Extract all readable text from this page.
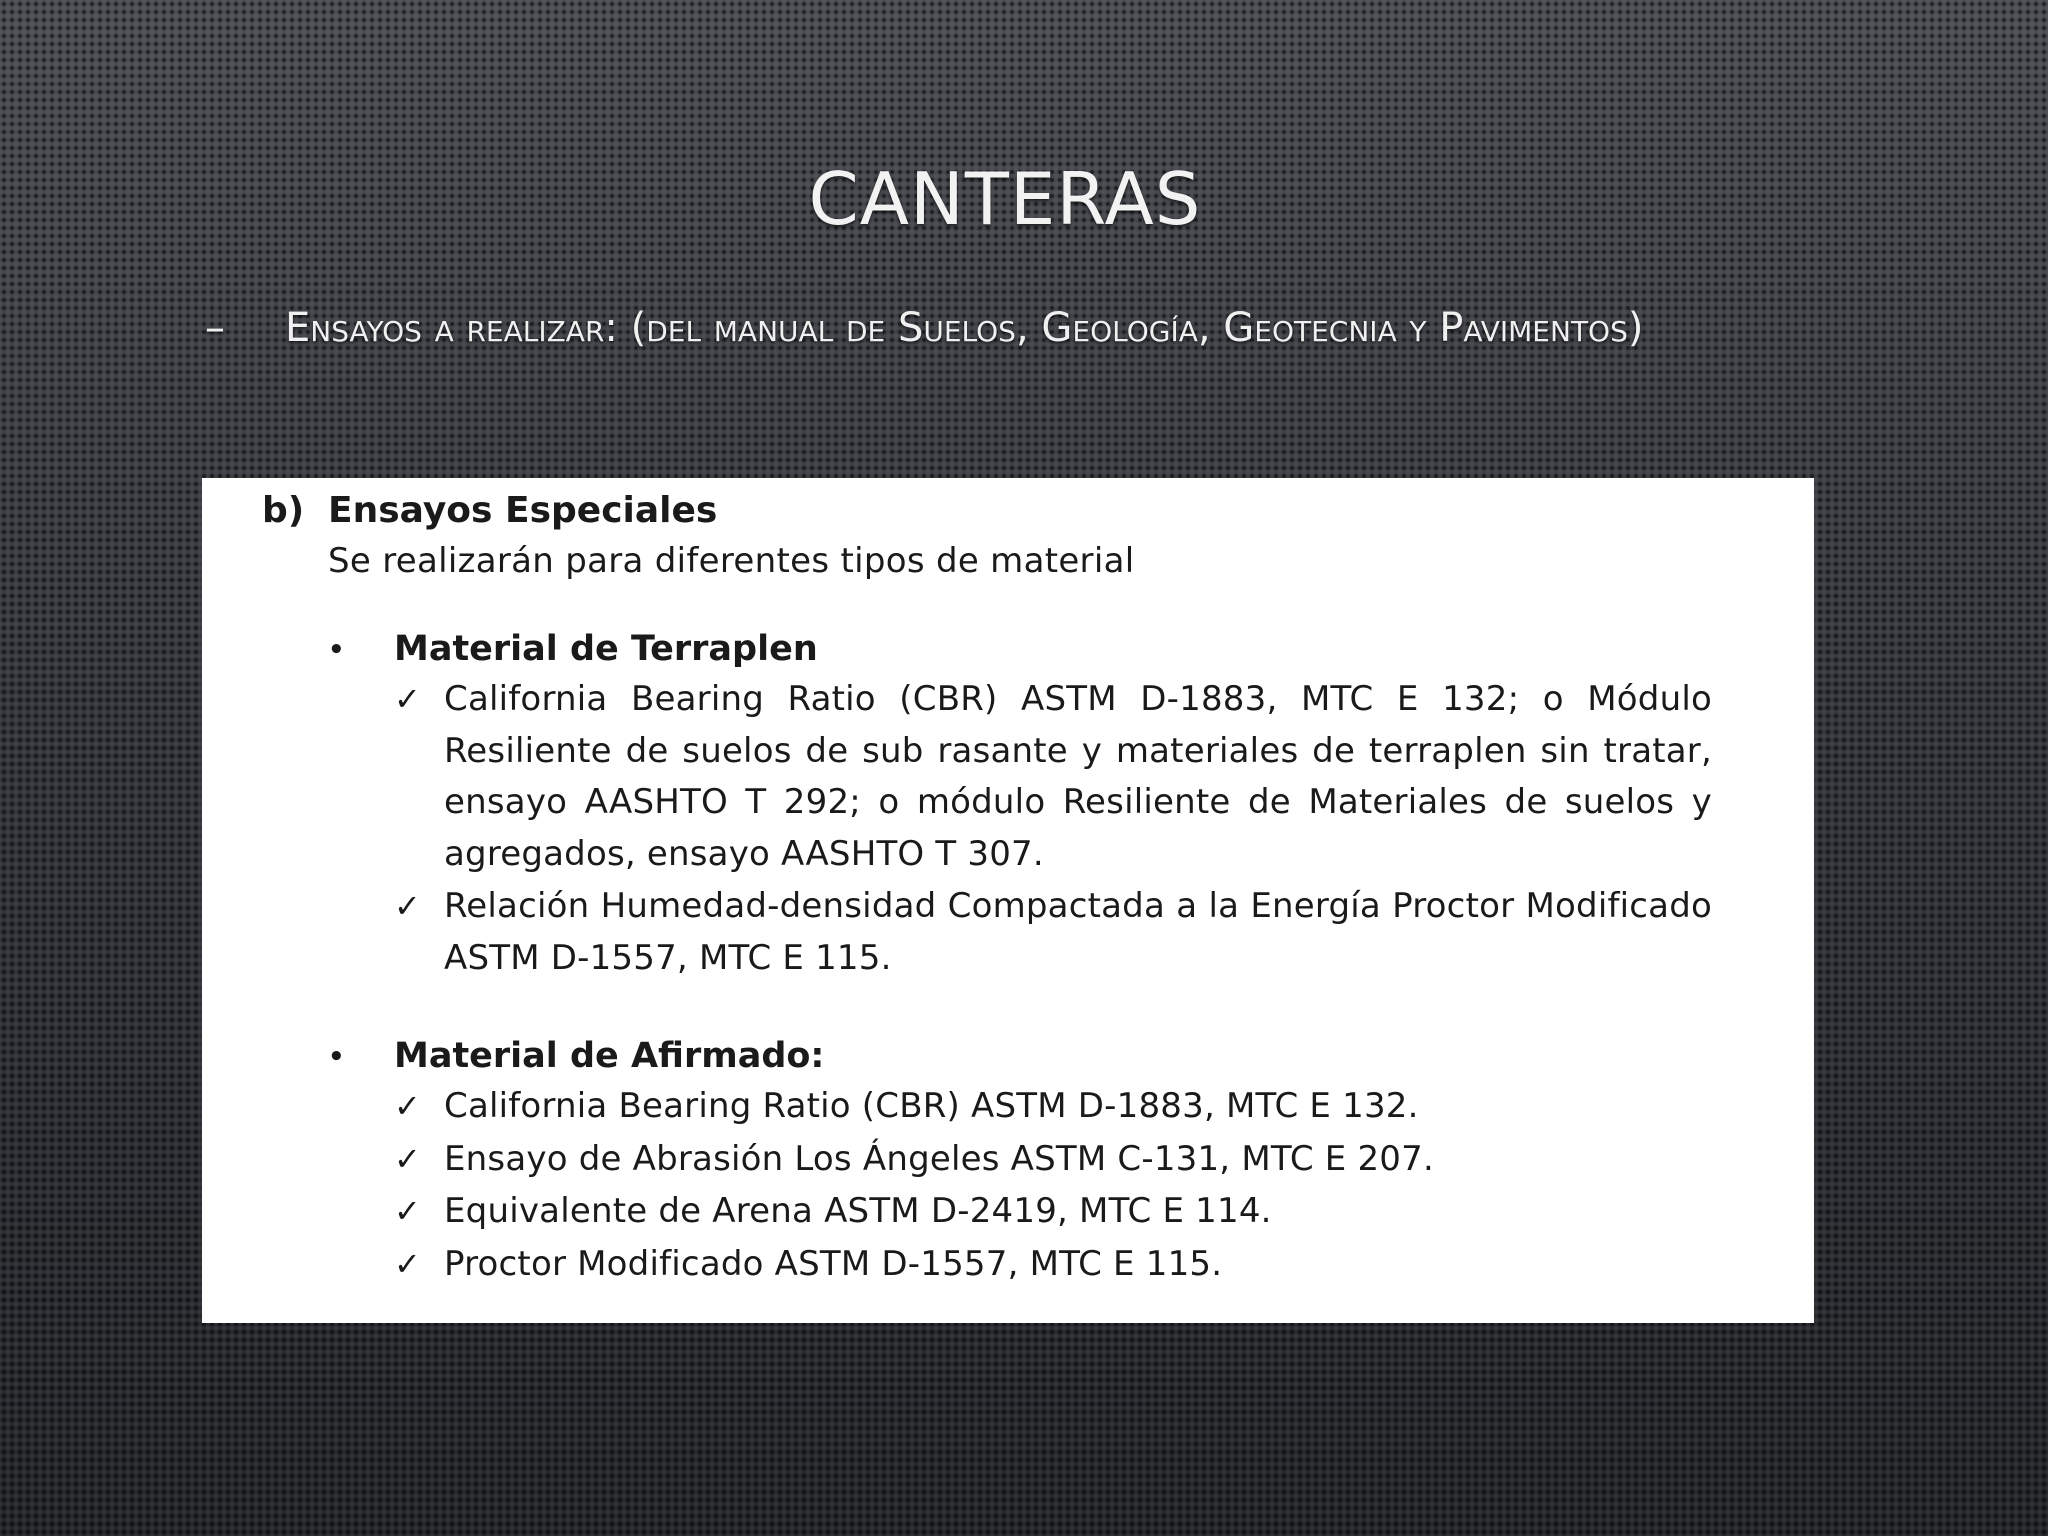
CANTERAS
– Ensayos a realizar: (del manual de Suelos, Geología, Geotecnia y Pavimentos)
b) Ensayos Especiales
Se realizarán para diferentes tipos de material
•	Material de Terraplen
✓ California Bearing Ratio (CBR) ASTM D-1883, MTC E 132; o Módulo Resiliente de suelos de sub rasante y materiales de terraplen sin tratar, ensayo AASHTO T 292; o módulo Resiliente de Materiales de suelos y agregados, ensayo AASHTO T 307.
✓ Relación Humedad-densidad Compactada a la Energía Proctor Modificado ASTM D-1557, MTC E 115.
•	Material de Afirmado:
✓ California Bearing Ratio (CBR) ASTM D-1883, MTC E 132.
✓ Ensayo de Abrasión Los Ángeles ASTM C-131, MTC E 207.
✓ Equivalente de Arena ASTM D-2419, MTC E 114.
✓ Proctor Modificado ASTM D-1557, MTC E 115.
